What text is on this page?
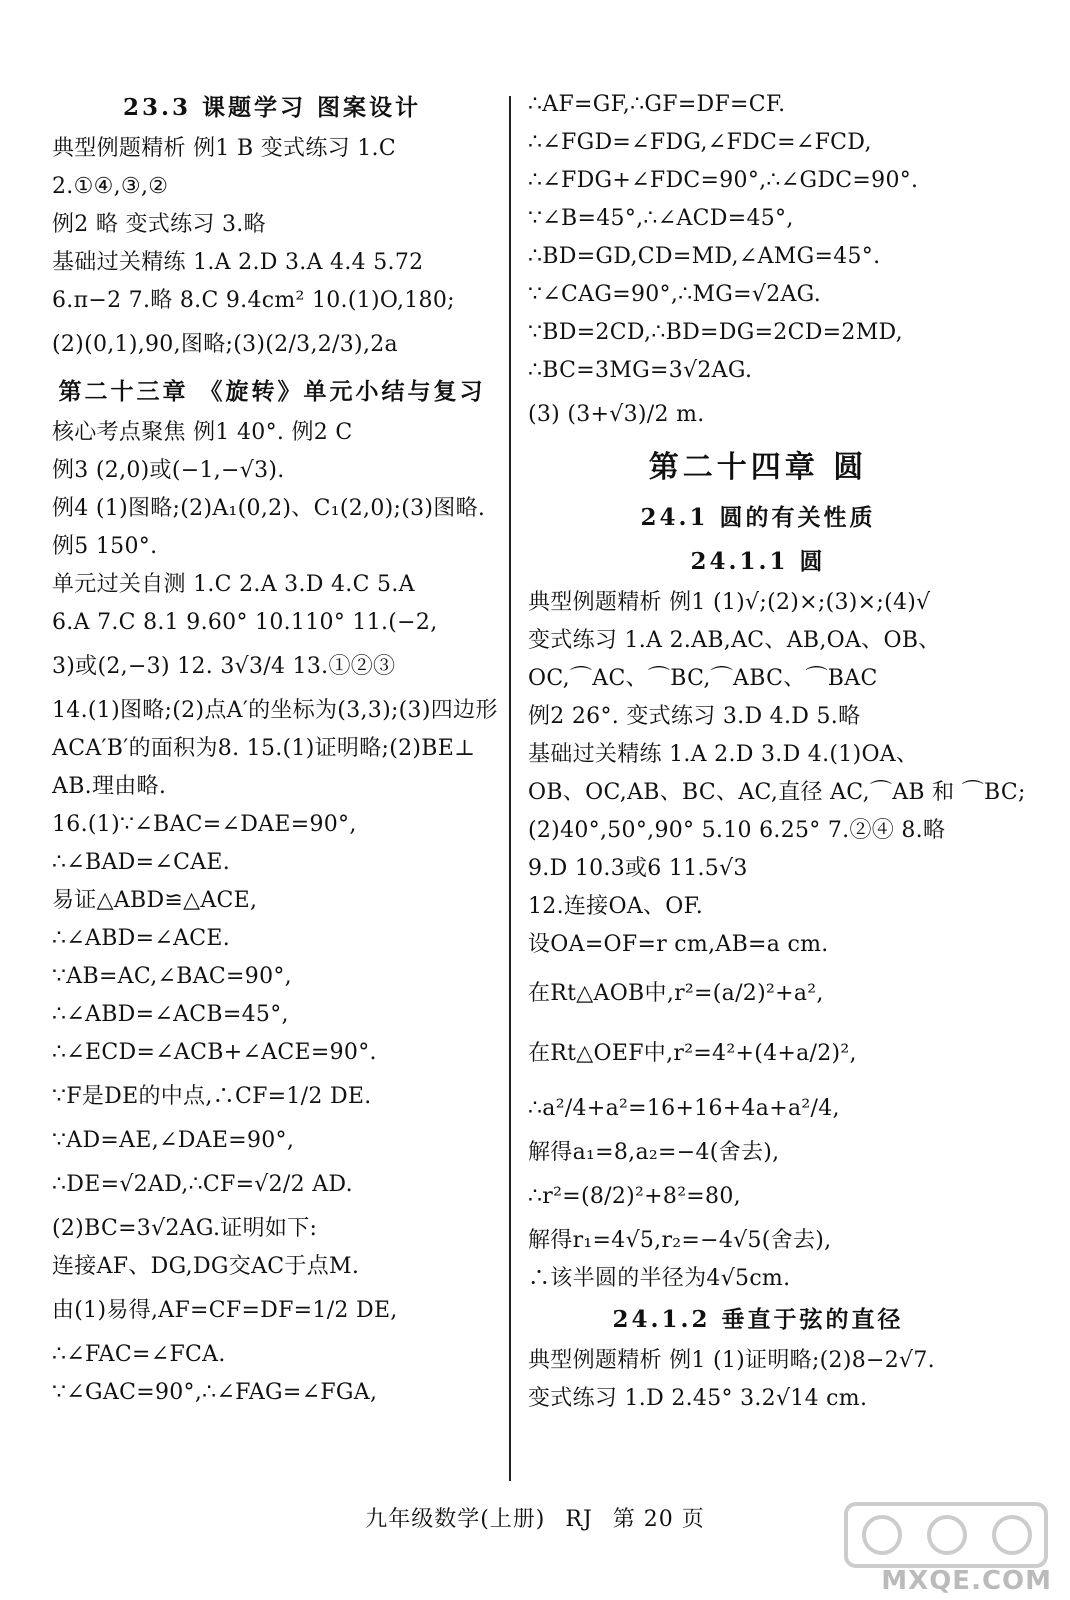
23.3 课题学习 图案设计
典型例题精析 例1 B 变式练习 1.C
2.①④,③,②
例2 略 变式练习 3.略
基础过关精练 1.A 2.D 3.A 4.4 5.72
6.π−2 7.略 8.C 9.4cm² 10.(1)O,180;
(2)(0,1),90,图略;(3)(2/3,2/3),2a
第二十三章 《旋转》单元小结与复习
核心考点聚焦 例1 40°. 例2 C
例3 (2,0)或(−1,−√3).
例4 (1)图略;(2)A₁(0,2)、C₁(2,0);(3)图略.
例5 150°.
单元过关自测 1.C 2.A 3.D 4.C 5.A
6.A 7.C 8.1 9.60° 10.110° 11.(−2,
3)或(2,−3) 12. 3√3/4 13.①②③
14.(1)图略;(2)点A′的坐标为(3,3);(3)四边形
ACA′B′的面积为8. 15.(1)证明略;(2)BE⊥
AB.理由略.
16.(1)∵∠BAC=∠DAE=90°,
∴∠BAD=∠CAE.
易证△ABD≌△ACE,
∴∠ABD=∠ACE.
∵AB=AC,∠BAC=90°,
∴∠ABD=∠ACB=45°,
∴∠ECD=∠ACB+∠ACE=90°.
∵F是DE的中点,∴CF=1/2 DE.
∵AD=AE,∠DAE=90°,
∴DE=√2AD,∴CF=√2/2 AD.
(2)BC=3√2AG.证明如下:
连接AF、DG,DG交AC于点M.
由(1)易得,AF=CF=DF=1/2 DE,
∴∠FAC=∠FCA.
∵∠GAC=90°,∴∠FAG=∠FGA,
∴AF=GF,∴GF=DF=CF.
∴∠FGD=∠FDG,∠FDC=∠FCD,
∴∠FDG+∠FDC=90°,∴∠GDC=90°.
∵∠B=45°,∴∠ACD=45°,
∴BD=GD,CD=MD,∠AMG=45°.
∵∠CAG=90°,∴MG=√2AG.
∵BD=2CD,∴BD=DG=2CD=2MD,
∴BC=3MG=3√2AG.
(3) (3+√3)/2 m.
第二十四章 圆
24.1 圆的有关性质
24.1.1 圆
典型例题精析 例1 (1)√;(2)×;(3)×;(4)√
变式练习 1.A 2.AB,AC、AB,OA、OB、
OC,⌒AC、⌒BC,⌒ABC、⌒BAC
例2 26°. 变式练习 3.D 4.D 5.略
基础过关精练 1.A 2.D 3.D 4.(1)OA、
OB、OC,AB、BC、AC,直径 AC,⌒AB 和 ⌒BC;
(2)40°,50°,90° 5.10 6.25° 7.②④ 8.略
9.D 10.3或6 11.5√3
12.连接OA、OF.
设OA=OF=r cm,AB=a cm.
在Rt△AOB中,r²=(a/2)²+a²,
在Rt△OEF中,r²=4²+(4+a/2)²,
∴a²/4+a²=16+16+4a+a²/4,
解得a₁=8,a₂=−4(舍去),
∴r²=(8/2)²+8²=80,
解得r₁=4√5,r₂=−4√5(舍去),
∴该半圆的半径为4√5cm.
24.1.2 垂直于弦的直径
典型例题精析 例1 (1)证明略;(2)8−2√7.
变式练习 1.D 2.45° 3.2√14 cm.
九年级数学(上册) RJ 第 20 页
MXQE.COM
